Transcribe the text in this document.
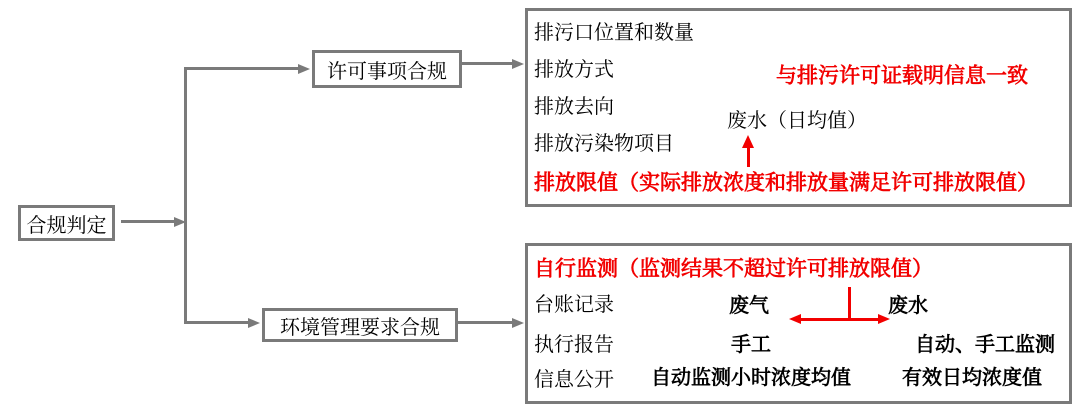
合规判定
许可事项合规
环境管理要求合规
排污口位置和数量
排放方式
排放去向
排放污染物项目
排放限值（实际排放浓度和排放量满足许可排放限值）
与排污许可证载明信息一致
废水（日均值）
自行监测（监测结果不超过许可排放限值）
台账记录
执行报告
信息公开
废气
手工
自动监测小时浓度均值
废水
自动、手工监测
有效日均浓度值
